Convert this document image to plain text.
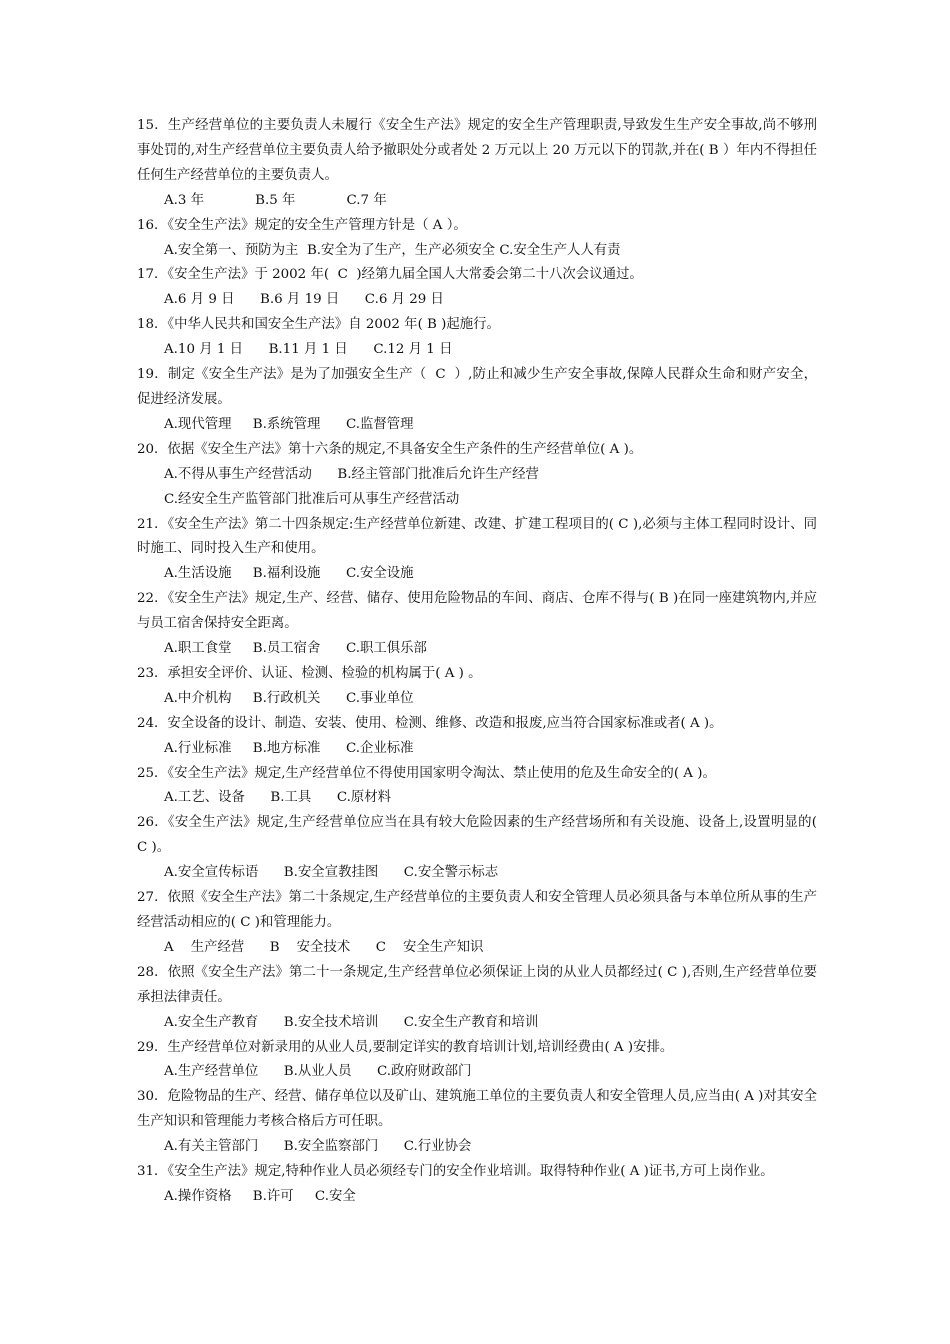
15．生产经营单位的主要负责人未履行《安全生产法》规定的安全生产管理职责,导致发生生产安全事故,尚不够刑事处罚的,对生产经营单位主要负责人给予撤职处分或者处 2 万元以上 20 万元以下的罚款,并在( B ）年内不得担任任何生产经营单位的主要负责人。

A.3 年            B.5 年            C.7 年

16．《安全生产法》规定的安全生产管理方针是（ A ）。

A.安全第一、预防为主  B.安全为了生产，生产必须安全 C.安全生产人人有责

17．《安全生产法》于 2002 年(  C  )经第九届全国人大常委会第二十八次会议通过。

A.6 月 9 日      B.6 月 19 日      C.6 月 29 日

18．《中华人民共和国安全生产法》自 2002 年( B )起施行。

A.10 月 1 日      B.11 月 1 日      C.12 月 1 日

19．制定《安全生产法》是为了加强安全生产（  C  ）,防止和减少生产安全事故,保障人民群众生命和财产安全，促进经济发展。

A.现代管理     B.系统管理      C.监督管理

20．依据《安全生产法》第十六条的规定,不具备安全生产条件的生产经营单位( A )。

A.不得从事生产经营活动      B.经主管部门批准后允许生产经营

C.经安全生产监管部门批准后可从事生产经营活动

21．《安全生产法》第二十四条规定:生产经营单位新建、改建、扩建工程项目的( C ),必须与主体工程同时设计、同时施工、同时投入生产和使用。

A.生活设施     B.福利设施      C.安全设施

22．《安全生产法》规定,生产、经营、储存、使用危险物品的车间、商店、仓库不得与( B )在同一座建筑物内,并应与员工宿舍保持安全距离。

A.职工食堂     B.员工宿舍      C.职工俱乐部

23．承担安全评价、认证、检测、检验的机构属于( A ) 。

A.中介机构     B.行政机关      C.事业单位

24．安全设备的设计、制造、安装、使用、检测、维修、改造和报废,应当符合国家标准或者( A )。

A.行业标准     B.地方标准      C.企业标准

25．《安全生产法》规定,生产经营单位不得使用国家明令淘汰、禁止使用的危及生命安全的( A )。

A.工艺、设备      B.工具      C.原材料

26．《安全生产法》规定,生产经营单位应当在具有较大危险因素的生产经营场所和有关设施、设备上,设置明显的( C )。

A.安全宣传标语      B.安全宣教挂图      C.安全警示标志

27．依照《安全生产法》第二十条规定,生产经营单位的主要负责人和安全管理人员必须具备与本单位所从事的生产经营活动相应的( C )和管理能力。

A    生产经营      B    安全技术      C    安全生产知识

28．依照《安全生产法》第二十一条规定,生产经营单位必须保证上岗的从业人员都经过( C ),否则,生产经营单位要承担法律责任。

A.安全生产教育      B.安全技术培训      C.安全生产教育和培训

29．生产经营单位对新录用的从业人员,要制定详实的教育培训计划,培训经费由( A )安排。

A.生产经营单位      B.从业人员      C.政府财政部门

30．危险物品的生产、经营、储存单位以及矿山、建筑施工单位的主要负责人和安全管理人员,应当由( A )对其安全生产知识和管理能力考核合格后方可任职。

A.有关主管部门      B.安全监察部门      C.行业协会

31．《安全生产法》规定,特种作业人员必须经专门的安全作业培训。取得特种作业( A )证书,方可上岗作业。

A.操作资格     B.许可     C.安全
